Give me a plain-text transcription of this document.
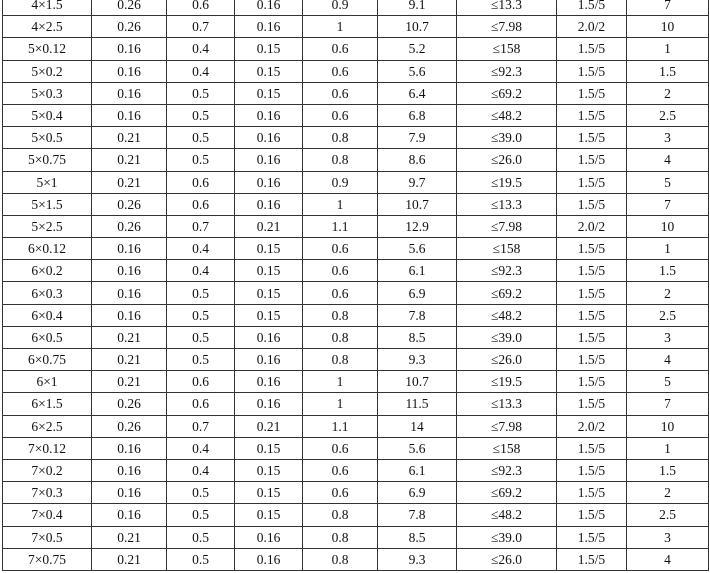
4×1.5	0.26	0.6	0.16	0.9	9.1	≤13.3	1.5/5	7
4×2.5	0.26	0.7	0.16	1	10.7	≤7.98	2.0/2	10
5×0.12	0.16	0.4	0.15	0.6	5.2	≤158	1.5/5	1
5×0.2	0.16	0.4	0.15	0.6	5.6	≤92.3	1.5/5	1.5
5×0.3	0.16	0.5	0.15	0.6	6.4	≤69.2	1.5/5	2
5×0.4	0.16	0.5	0.16	0.6	6.8	≤48.2	1.5/5	2.5
5×0.5	0.21	0.5	0.16	0.8	7.9	≤39.0	1.5/5	3
5×0.75	0.21	0.5	0.16	0.8	8.6	≤26.0	1.5/5	4
5×1	0.21	0.6	0.16	0.9	9.7	≤19.5	1.5/5	5
5×1.5	0.26	0.6	0.16	1	10.7	≤13.3	1.5/5	7
5×2.5	0.26	0.7	0.21	1.1	12.9	≤7.98	2.0/2	10
6×0.12	0.16	0.4	0.15	0.6	5.6	≤158	1.5/5	1
6×0.2	0.16	0.4	0.15	0.6	6.1	≤92.3	1.5/5	1.5
6×0.3	0.16	0.5	0.15	0.6	6.9	≤69.2	1.5/5	2
6×0.4	0.16	0.5	0.15	0.8	7.8	≤48.2	1.5/5	2.5
6×0.5	0.21	0.5	0.16	0.8	8.5	≤39.0	1.5/5	3
6×0.75	0.21	0.5	0.16	0.8	9.3	≤26.0	1.5/5	4
6×1	0.21	0.6	0.16	1	10.7	≤19.5	1.5/5	5
6×1.5	0.26	0.6	0.16	1	11.5	≤13.3	1.5/5	7
6×2.5	0.26	0.7	0.21	1.1	14	≤7.98	2.0/2	10
7×0.12	0.16	0.4	0.15	0.6	5.6	≤158	1.5/5	1
7×0.2	0.16	0.4	0.15	0.6	6.1	≤92.3	1.5/5	1.5
7×0.3	0.16	0.5	0.15	0.6	6.9	≤69.2	1.5/5	2
7×0.4	0.16	0.5	0.15	0.8	7.8	≤48.2	1.5/5	2.5
7×0.5	0.21	0.5	0.16	0.8	8.5	≤39.0	1.5/5	3
7×0.75	0.21	0.5	0.16	0.8	9.3	≤26.0	1.5/5	4
